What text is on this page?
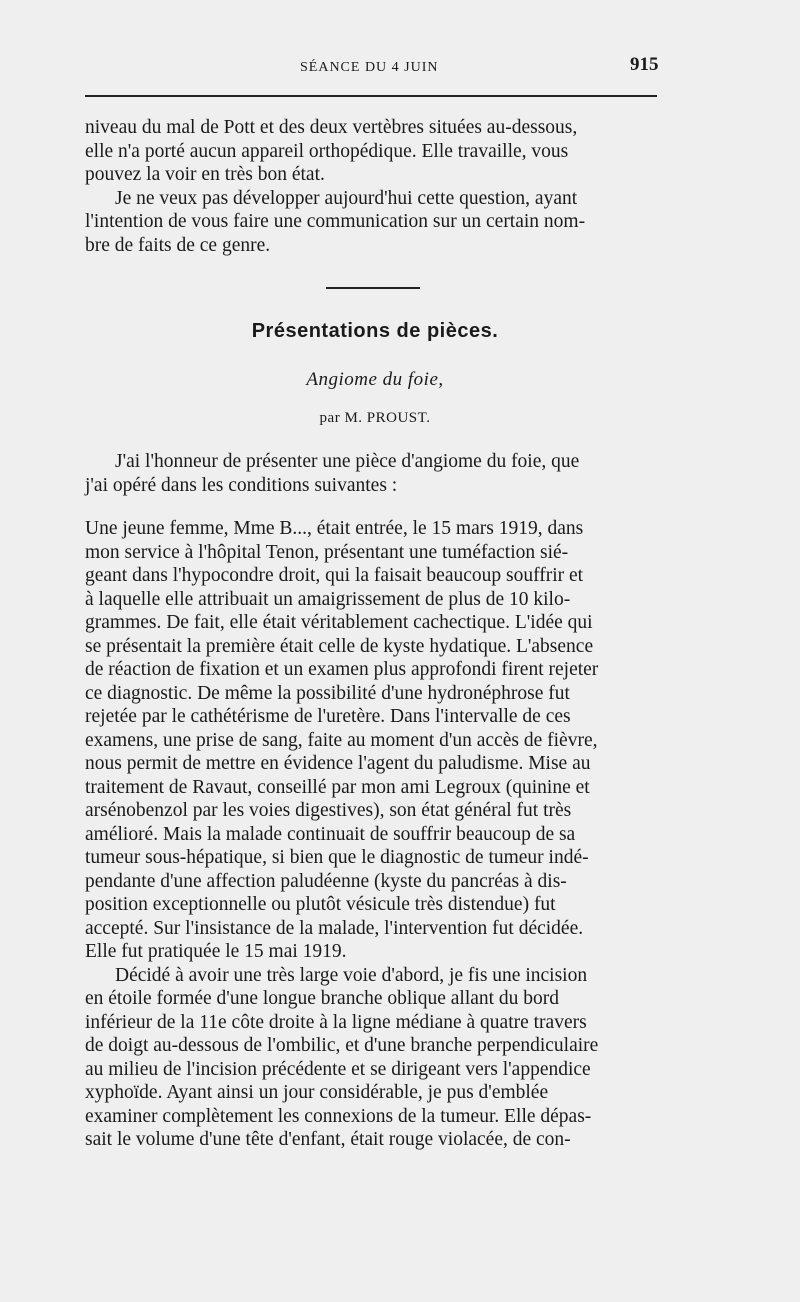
SÉANCE DU 4 JUIN	915

niveau du mal de Pott et des deux vertèbres situées au-dessous,
elle n'a porté aucun appareil orthopédique. Elle travaille, vous
pouvez la voir en très bon état.

Je ne veux pas développer aujourd'hui cette question, ayant
l'intention de vous faire une communication sur un certain nom-
bre de faits de ce genre.

Présentations de pièces.
Angiome du foie,
par M. PROUST.

J'ai l'honneur de présenter une pièce d'angiome du foie, que
j'ai opéré dans les conditions suivantes :

Une jeune femme, Mme B..., était entrée, le 15 mars 1919, dans
mon service à l'hôpital Tenon, présentant une tuméfaction sié-
geant dans l'hypocondre droit, qui la faisait beaucoup souffrir et
à laquelle elle attribuait un amaigrissement de plus de 10 kilo-
grammes. De fait, elle était véritablement cachectique. L'idée qui
se présentait la première était celle de kyste hydatique. L'absence
de réaction de fixation et un examen plus approfondi firent rejeter
ce diagnostic. De même la possibilité d'une hydronéphrose fut
rejetée par le cathétérisme de l'uretère. Dans l'intervalle de ces
examens, une prise de sang, faite au moment d'un accès de fièvre,
nous permit de mettre en évidence l'agent du paludisme. Mise au
traitement de Ravaut, conseillé par mon ami Legroux (quinine et
arsénobenzol par les voies digestives), son état général fut très
amélioré. Mais la malade continuait de souffrir beaucoup de sa
tumeur sous-hépatique, si bien que le diagnostic de tumeur indé-
pendante d'une affection paludéenne (kyste du pancréas à dis-
position exceptionnelle ou plutôt vésicule très distendue) fut
accepté. Sur l'insistance de la malade, l'intervention fut décidée.
Elle fut pratiquée le 15 mai 1919.

Décidé à avoir une très large voie d'abord, je fis une incision
en étoile formée d'une longue branche oblique allant du bord
inférieur de la 11e côte droite à la ligne médiane à quatre travers
de doigt au-dessous de l'ombilic, et d'une branche perpendiculaire
au milieu de l'incision précédente et se dirigeant vers l'appendice
xyphoïde. Ayant ainsi un jour considérable, je pus d'emblée
examiner complètement les connexions de la tumeur. Elle dépas-
sait le volume d'une tête d'enfant, était rouge violacée, de con-
